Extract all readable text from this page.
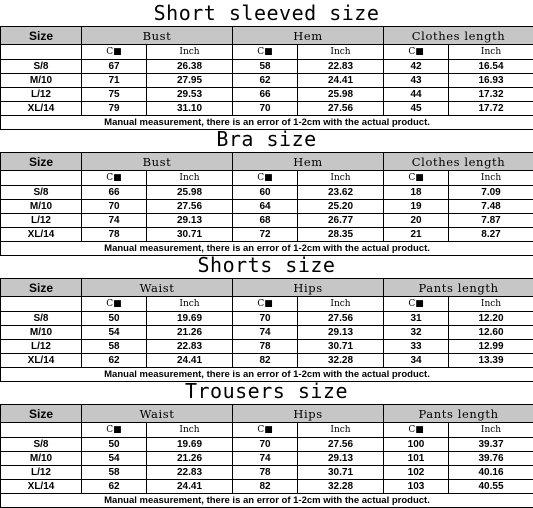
Short sleeved size
Size	Bust		Hem		Clothes length	
	C■	Inch	C■	Inch	C■	Inch
S/8	67	26.38	58	22.83	42	16.54
M/10	71	27.95	62	24.41	43	16.93
L/12	75	29.53	66	25.98	44	17.32
XL/14	79	31.10	70	27.56	45	17.72
Manual measurement, there is an error of 1-2cm with the actual product.						
Bra size
Size	Bust		Hem		Clothes length	
	C■	Inch	C■	Inch	C■	Inch
S/8	66	25.98	60	23.62	18	7.09
M/10	70	27.56	64	25.20	19	7.48
L/12	74	29.13	68	26.77	20	7.87
XL/14	78	30.71	72	28.35	21	8.27
Manual measurement, there is an error of 1-2cm with the actual product.						
Shorts size
Size	Waist		Hips		Pants length	
	C■	Inch	C■	Inch	C■	Inch
S/8	50	19.69	70	27.56	31	12.20
M/10	54	21.26	74	29.13	32	12.60
L/12	58	22.83	78	30.71	33	12.99
XL/14	62	24.41	82	32.28	34	13.39
Manual measurement, there is an error of 1-2cm with the actual product.						
Trousers size
Size	Waist		Hips		Pants length	
	C■	Inch	C■	Inch	C■	Inch
S/8	50	19.69	70	27.56	100	39.37
M/10	54	21.26	74	29.13	101	39.76
L/12	58	22.83	78	30.71	102	40.16
XL/14	62	24.41	82	32.28	103	40.55
Manual measurement, there is an error of 1-2cm with the actual product.						
